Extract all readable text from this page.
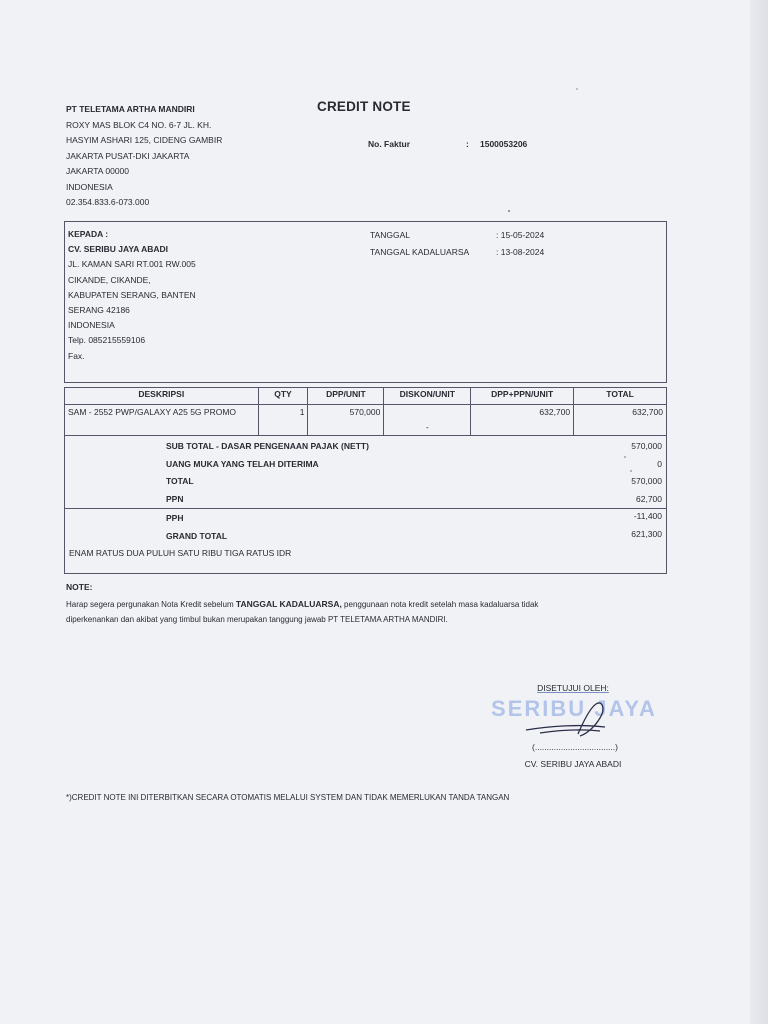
PT TELETAMA ARTHA MANDIRI
ROXY MAS BLOK C4 NO. 6-7 JL. KH.
HASYIM ASHARI 125, CIDENG GAMBIR
JAKARTA PUSAT-DKI JAKARTA
JAKARTA 00000
INDONESIA
02.354.833.6-073.000
CREDIT NOTE
No. Faktur	: 1500053206
KEPADA :
CV. SERIBU JAYA ABADI
JL. KAMAN SARI RT.001 RW.005
CIKANDE, CIKANDE,
KABUPATEN SERANG, BANTEN
SERANG 42186
INDONESIA
Telp. 085215559106
Fax.
TANGGAL	: 15-05-2024
TANGGAL KADALUARSA	: 13-08-2024
DESKRIPSI	QTY	DPP/UNIT	DISKON/UNIT	DPP+PPN/UNIT	TOTAL
SAM - 2552 PWP/GALAXY A25 5G PROMO	1	570,000	-	632,700	632,700
SUB TOTAL - DASAR PENGENAAN PAJAK (NETT)	570,000
UANG MUKA YANG TELAH DITERIMA	0
TOTAL	570,000
PPN	62,700
PPH	-11,400
GRAND TOTAL	621,300
ENAM RATUS DUA PULUH SATU RIBU TIGA RATUS IDR
NOTE:
Harap segera pergunakan Nota Kredit sebelum TANGGAL KADALUARSA, penggunaan nota kredit setelah masa kadaluarsa tidak
diperkenankan dan akibat yang timbul bukan merupakan tanggung jawab PT TELETAMA ARTHA MANDIRI.
DISETUJUI OLEH:
SERIBU JAYA
(..................................)
CV. SERIBU JAYA ABADI
*)CREDIT NOTE INI DITERBITKAN SECARA OTOMATIS MELALUI SYSTEM DAN TIDAK MEMERLUKAN TANDA TANGAN
